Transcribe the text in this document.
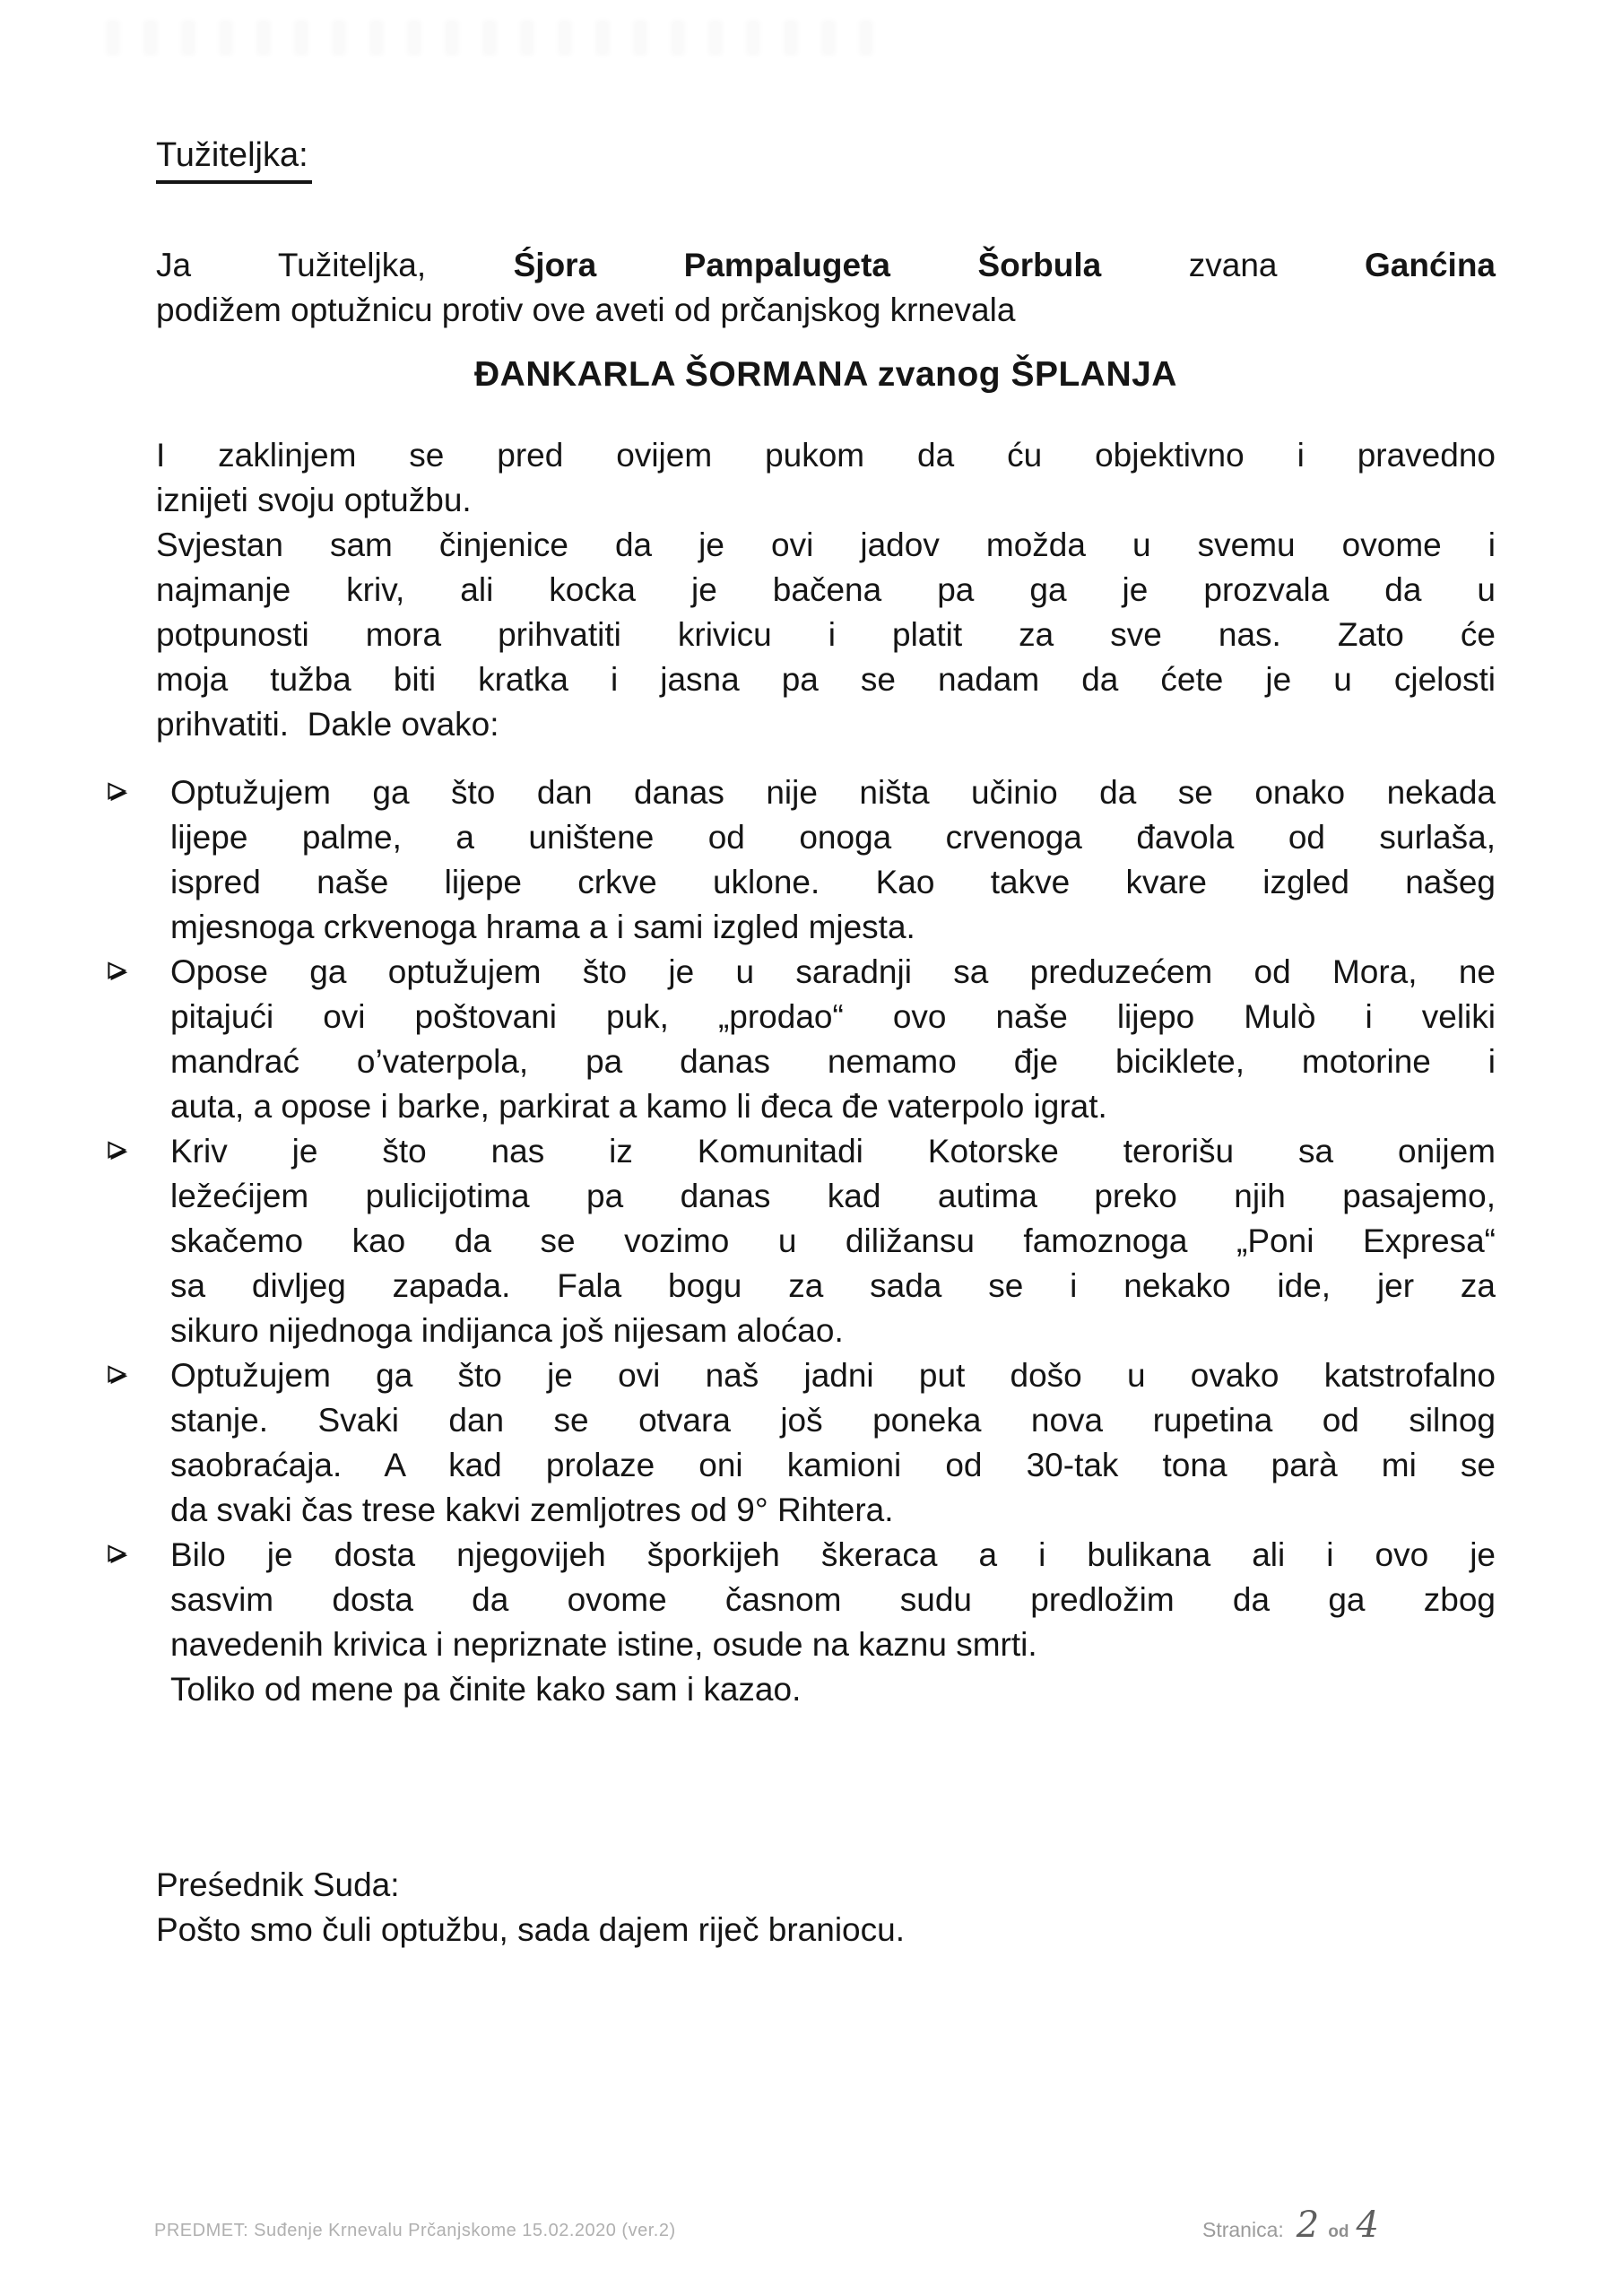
Tužiteljka:
Ja Tužiteljka, Śjora Pampalugeta Šorbula zvana Ganćina
podižem optužnicu protiv ove aveti od prčanjskog krnevala
ĐANKARLA ŠORMANA zvanog ŠPLANJA
I zaklinjem se pred ovijem pukom da ću objektivno i pravedno
iznijeti svoju optužbu.
Svjestan sam činjenice da je ovi jadov možda u svemu ovome i
najmanje kriv, ali kocka je bačena pa ga je prozvala da u
potpunosti mora prihvatiti krivicu i platit za sve nas. Zato će
moja tužba biti kratka i jasna pa se nadam da ćete je u cjelosti
prihvatiti.  Dakle ovako:
Optužujem ga što dan danas nije ništa učinio da se onako nekada
lijepe palme, a uništene od onoga crvenoga đavola od surlaša,
ispred naše lijepe crkve uklone. Kao takve kvare izgled našeg
mjesnoga crkvenoga hrama a i sami izgled mjesta.
Opose ga optužujem što je u saradnji sa preduzećem od Mora, ne
pitajući ovi poštovani puk, „prodao“ ovo naše lijepo Mulò i veliki
mandrać o’vaterpola, pa danas nemamo đje biciklete, motorine i
auta, a opose i barke, parkirat a kamo li đeca đe vaterpolo igrat.
Kriv je što nas iz Komunitadi Kotorske terorišu sa onijem
ležećijem pulicijotima pa danas kad autima preko njih pasajemo,
skačemo kao da se vozimo u diližansu famoznoga „Poni Expresa“
sa divljeg zapada. Fala bogu za sada se i nekako ide, jer za
sikuro nijednoga indijanca još nijesam aloćao.
Optužujem ga što je ovi naš jadni put došo u ovako katstrofalno
stanje. Svaki dan se otvara još poneka nova rupetina od silnog
saobraćaja. A kad prolaze oni kamioni od 30-tak tona parà mi se
da svaki čas trese kakvi zemljotres od 9° Rihtera.
Bilo je dosta njegovijeh šporkijeh škeraca a i bulikana ali i ovo je
sasvim dosta da ovome časnom sudu predložim da ga zbog
navedenih krivica i nepriznate istine, osude na kaznu smrti.
Toliko od mene pa činite kako sam i kazao.
Preśednik Suda:
Pošto smo čuli optužbu, sada dajem riječ braniocu.
PREDMET: Suđenje Krnevalu Prčanjskome 15.02.2020 (ver.2)	Stranica: 2 od 4
